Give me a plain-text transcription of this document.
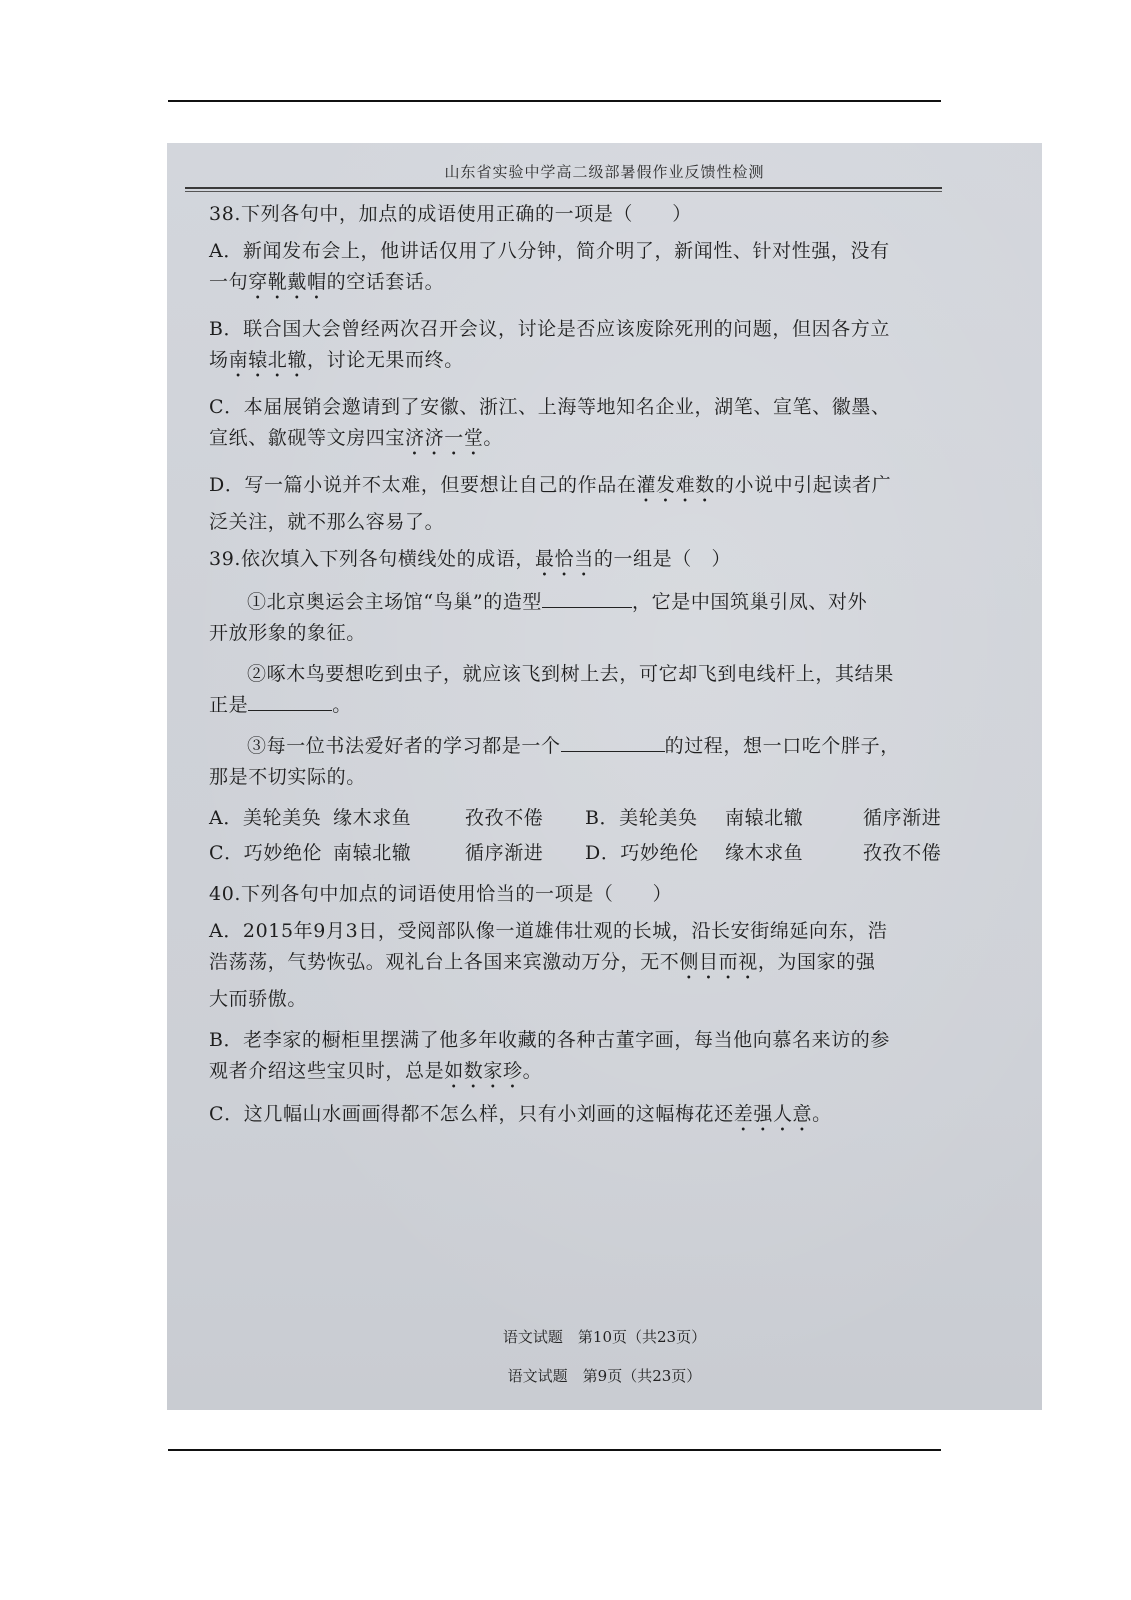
山东省实验中学高二级部暑假作业反馈性检测

38.下列各句中，加点的成语使用正确的一项是（　　）

A．新闻发布会上，他讲话仅用了八分钟，简介明了，新闻性、针对性强，没有
一句穿靴戴帽的空话套话。

B．联合国大会曾经两次召开会议，讨论是否应该废除死刑的问题，但因各方立
场南辕北辙，讨论无果而终。

C．本届展销会邀请到了安徽、浙江、上海等地知名企业，湖笔、宣笔、徽墨、
宣纸、歙砚等文房四宝济济一堂。

D．写一篇小说并不太难，但要想让自己的作品在灌发难数的小说中引起读者广
泛关注，就不那么容易了。

39.依次填入下列各句横线处的成语，最恰当的一组是（　）

①北京奥运会主场馆“鸟巢”的造型	，它是中国筑巢引凤、对外

开放形象的象征。

②啄木鸟要想吃到虫子，就应该飞到树上去，可它却飞到电线杆上，其结果

正是	。

③每一位书法爱好者的学习都是一个	的过程，想一口吃个胖子，

那是不切实际的。

A．美轮美奂 缘木求鱼	孜孜不倦	B．美轮美奂	南辕北辙	循序渐进
C．巧妙绝伦 南辕北辙	循序渐进	D．巧妙绝伦	缘木求鱼	孜孜不倦

40.下列各句中加点的词语使用恰当的一项是（　　）

A．2015年9月3日，受阅部队像一道雄伟壮观的长城，沿长安街绵延向东，浩
浩荡荡，气势恢弘。观礼台上各国来宾激动万分，无不侧目而视，为国家的强
大而骄傲。

B．老李家的橱柜里摆满了他多年收藏的各种古董字画，每当他向慕名来访的参
观者介绍这些宝贝时，总是如数家珍。

C．这几幅山水画画得都不怎么样，只有小刘画的这幅梅花还差强人意。

语文试题　第10页（共23页）
语文试题　第9页（共23页）
